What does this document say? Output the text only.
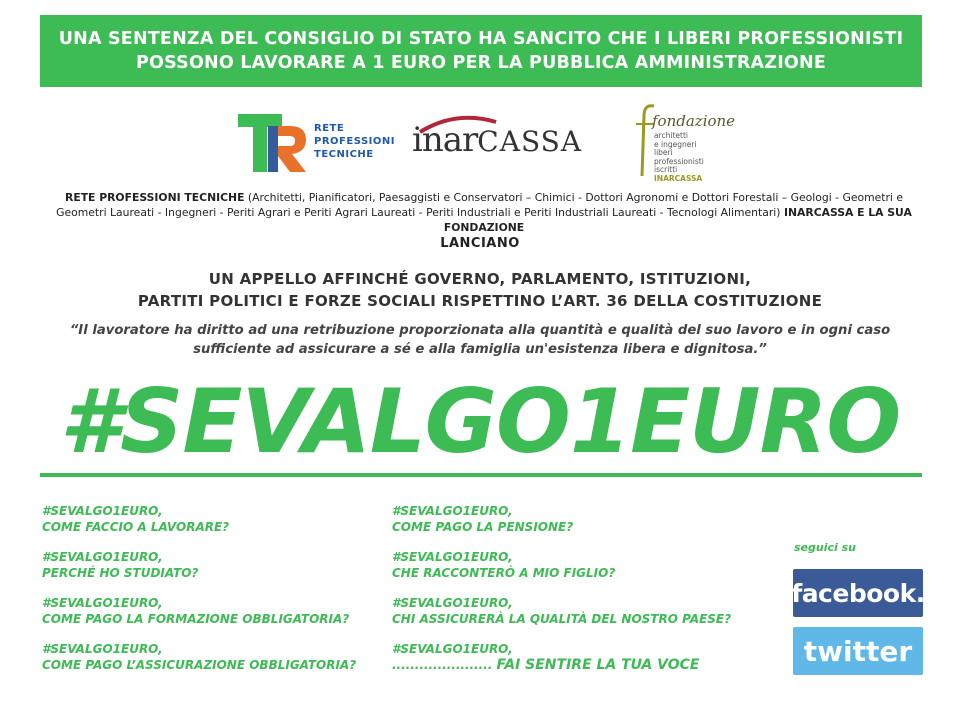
UNA SENTENZA DEL CONSIGLIO DI STATO HA SANCITO CHE I LIBERI PROFESSIONISTI
POSSONO LAVORARE A 1 EURO PER LA PUBBLICA AMMINISTRAZIONE
RETE
PROFESSIONI
TECNICHE	inarCASSA
fondazione
architetti
e ingegneri
liberi
professionisti
iscritti
INARCASSA
RETE PROFESSIONI TECNICHE (Architetti, Pianificatori, Paesaggisti e Conservatori – Chimici - Dottori Agronomi e Dottori Forestali – Geologi - Geometri e Geometri Laureati - Ingegneri - Periti Agrari e Periti Agrari Laureati - Periti Industriali e Periti Industriali Laureati - Tecnologi Alimentari) INARCASSA E LA SUA FONDAZIONE
LANCIANO
UN APPELLO AFFINCHÉ GOVERNO, PARLAMENTO, ISTITUZIONI,
PARTITI POLITICI E FORZE SOCIALI RISPETTINO L’ART. 36 DELLA COSTITUZIONE
“Il lavoratore ha diritto ad una retribuzione proporzionata alla quantità e qualità del suo lavoro e in ogni caso
sufficiente ad assicurare a sé e alla famiglia un'esistenza libera e dignitosa.”
#SEVALGO1EURO
#SEVALGO1EURO,
COME FACCIO A LAVORARE?
#SEVALGO1EURO,
PERCHÉ HO STUDIATO?
#SEVALGO1EURO,
COME PAGO LA FORMAZIONE OBBLIGATORIA?
#SEVALGO1EURO,
COME PAGO L’ASSICURAZIONE OBBLIGATORIA?
#SEVALGO1EURO,
COME PAGO LA PENSIONE?
#SEVALGO1EURO,
CHE RACCONTERÒ A MIO FIGLIO?
#SEVALGO1EURO,
CHI ASSICURERÀ LA QUALITÀ DEL NOSTRO PAESE?
#SEVALGO1EURO,
...................... FAI SENTIRE LA TUA VOCE
seguici su
facebook.
twitter
